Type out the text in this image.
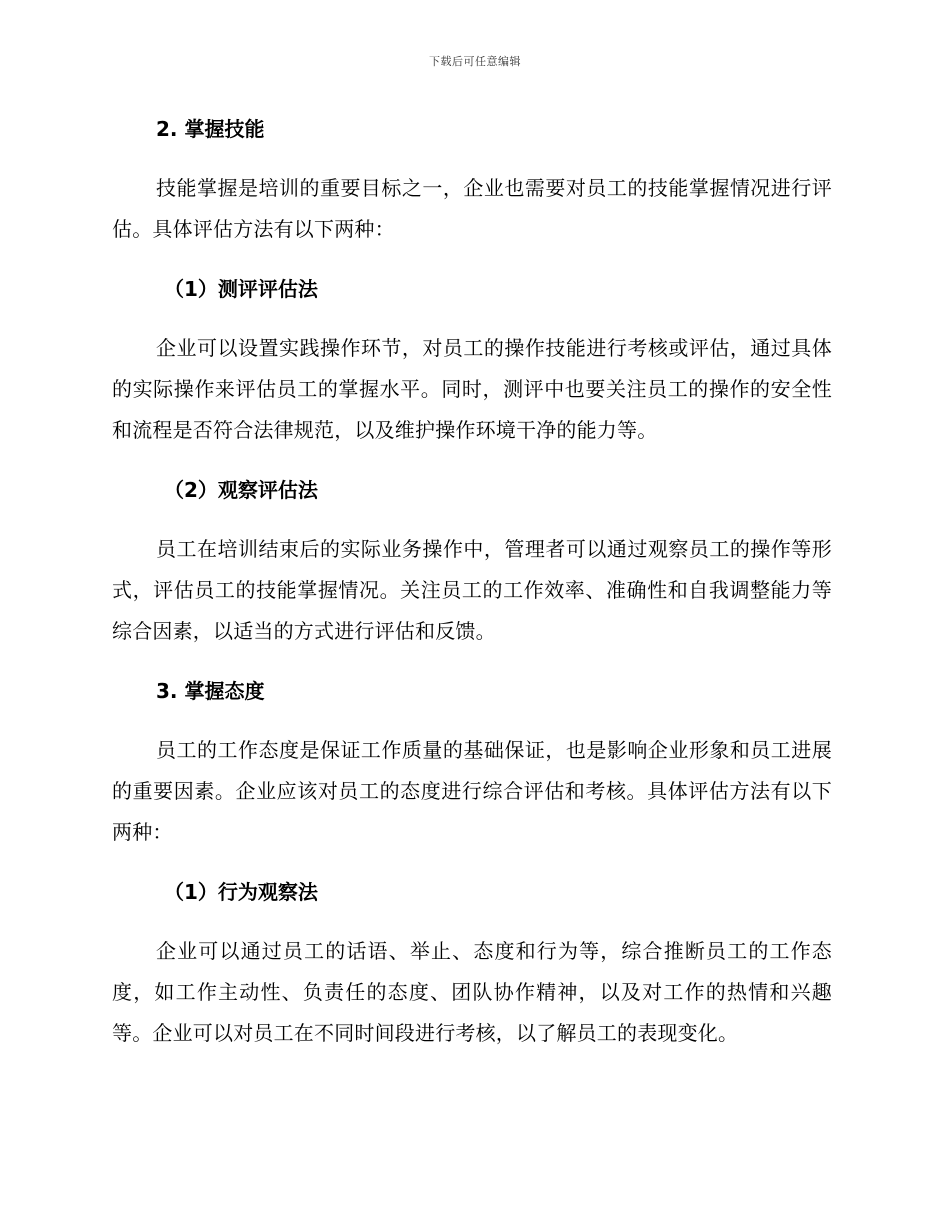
下载后可任意编辑
2. 掌握技能

技能掌握是培训的重要目标之一，企业也需要对员工的技能掌握情况进行评估。具体评估方法有以下两种：

（1）测评评估法

企业可以设置实践操作环节，对员工的操作技能进行考核或评估，通过具体的实际操作来评估员工的掌握水平。同时，测评中也要关注员工的操作的安全性和流程是否符合法律规范，以及维护操作环境干净的能力等。

（2）观察评估法

员工在培训结束后的实际业务操作中，管理者可以通过观察员工的操作等形式，评估员工的技能掌握情况。关注员工的工作效率、准确性和自我调整能力等综合因素，以适当的方式进行评估和反馈。

3. 掌握态度

员工的工作态度是保证工作质量的基础保证，也是影响企业形象和员工进展的重要因素。企业应该对员工的态度进行综合评估和考核。具体评估方法有以下两种：

（1）行为观察法

企业可以通过员工的话语、举止、态度和行为等，综合推断员工的工作态度，如工作主动性、负责任的态度、团队协作精神，以及对工作的热情和兴趣等。企业可以对员工在不同时间段进行考核，以了解员工的表现变化。
